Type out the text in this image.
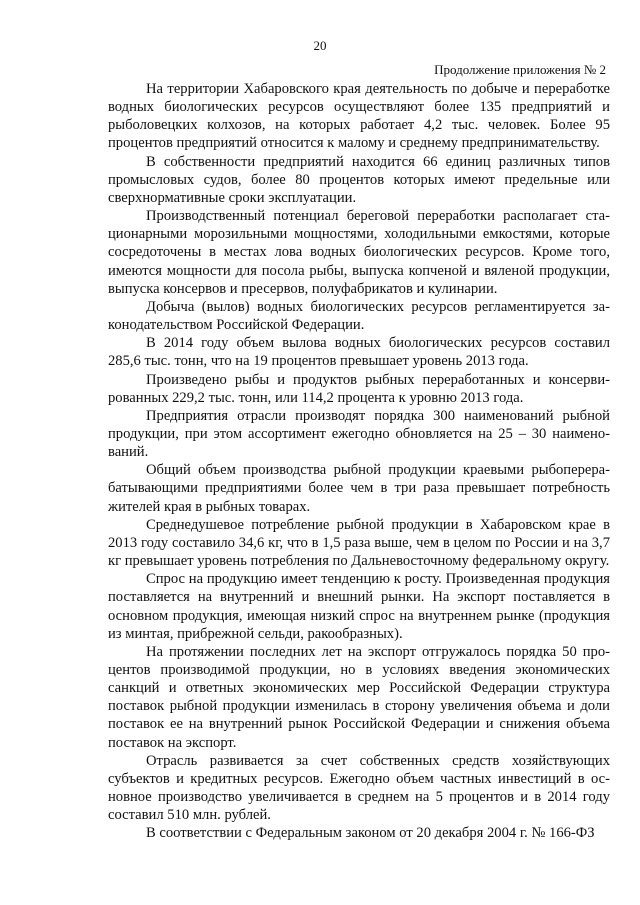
20
Продолжение приложения № 2

На территории Хабаровского края деятельность по добыче и переработке водных биологических ресурсов осуществляют более 135 предприятий и рыболовецких колхозов, на которых работает 4,2 тыс. человек. Более 95 процентов предприятий относится к малому и среднему предпринимательству.

В собственности предприятий находится 66 единиц различных типов промысловых судов, более 80 процентов которых имеют предельные или сверхнормативные сроки эксплуатации.

Производственный потенциал береговой переработки располагает стационарными морозильными мощностями, холодильными емкостями, которые сосредоточены в местах лова водных биологических ресурсов. Кроме того, имеются мощности для посола рыбы, выпуска копченой и вяленой продукции, выпуска консервов и пресервов, полуфабрикатов и кулинарии.

Добыча (вылов) водных биологических ресурсов регламентируется законодательством Российской Федерации.

В 2014 году объем вылова водных биологических ресурсов составил 285,6 тыс. тонн, что на 19 процентов превышает уровень 2013 года.

Произведено рыбы и продуктов рыбных переработанных и консервированных 229,2 тыс. тонн, или 114,2 процента к уровню 2013 года.

Предприятия отрасли производят порядка 300 наименований рыбной продукции, при этом ассортимент ежегодно обновляется на 25 – 30 наименований.

Общий объем производства рыбной продукции краевыми рыбоперерабатывающими предприятиями более чем в три раза превышает потребность жителей края в рыбных товарах.

Среднедушевое потребление рыбной продукции в Хабаровском крае в 2013 году составило 34,6 кг, что в 1,5 раза выше, чем в целом по России и на 3,7 кг превышает уровень потребления по Дальневосточному федеральному округу.

Спрос на продукцию имеет тенденцию к росту. Произведенная продукция поставляется на внутренний и внешний рынки. На экспорт поставляется в основном продукция, имеющая низкий спрос на внутреннем рынке (продукция из минтая, прибрежной сельди, ракообразных).

На протяжении последних лет на экспорт отгружалось порядка 50 процентов производимой продукции, но в условиях введения экономических санкций и ответных экономических мер Российской Федерации структура поставок рыбной продукции изменилась в сторону увеличения объема и доли поставок ее на внутренний рынок Российской Федерации и снижения объема поставок на экспорт.

Отрасль развивается за счет собственных средств хозяйствующих субъектов и кредитных ресурсов. Ежегодно объем частных инвестиций в основное производство увеличивается в среднем на 5 процентов и в 2014 году составил 510 млн. рублей.

В соответствии с Федеральным законом от 20 декабря 2004 г. № 166-ФЗ
